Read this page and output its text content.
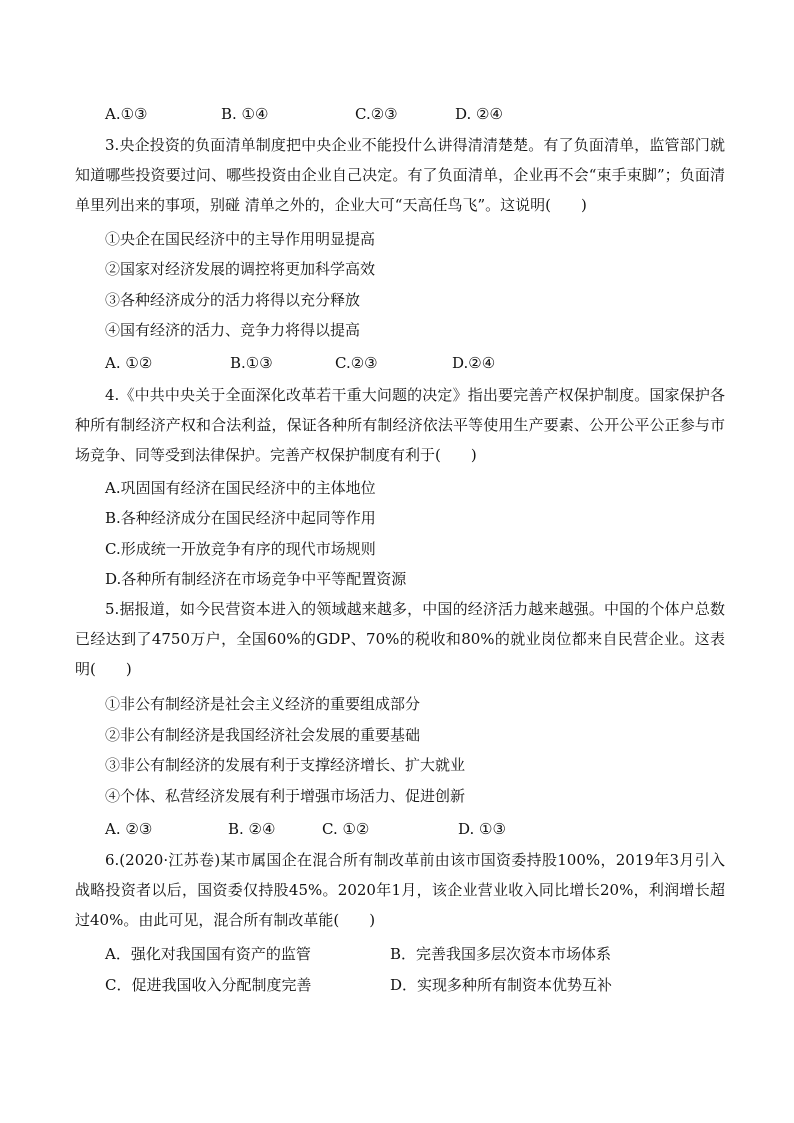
A.①③	B. ①④	C.②③	D. ②④
3.央企投资的负面清单制度把中央企业不能投什么讲得清清楚楚。有了负面清单，监管部门就知道哪些投资要过问、哪些投资由企业自己决定。有了负面清单，企业再不会“束手束脚”；负面清单里列出来的事项，别碰 清单之外的，企业大可“天高任鸟飞”。这说明(　　)
①央企在国民经济中的主导作用明显提高
②国家对经济发展的调控将更加科学高效
③各种经济成分的活力将得以充分释放
④国有经济的活力、竞争力将得以提高
A. ①②	B.①③	C.②③	D.②④
4.《中共中央关于全面深化改革若干重大问题的决定》指出要完善产权保护制度。国家保护各种所有制经济产权和合法利益，保证各种所有制经济依法平等使用生产要素、公开公平公正参与市场竞争、同等受到法律保护。完善产权保护制度有利于(　　)
A.巩固国有经济在国民经济中的主体地位
B.各种经济成分在国民经济中起同等作用
C.形成统一开放竞争有序的现代市场规则
D.各种所有制经济在市场竞争中平等配置资源
5.据报道，如今民营资本进入的领域越来越多，中国的经济活力越来越强。中国的个体户总数已经达到了4750万户，全国60%的GDP、70%的税收和80%的就业岗位都来自民营企业。这表明(　　)
①非公有制经济是社会主义经济的重要组成部分
②非公有制经济是我国经济社会发展的重要基础
③非公有制经济的发展有利于支撑经济增长、扩大就业
④个体、私营经济发展有利于增强市场活力、促进创新
A. ②③	B. ②④	C. ①②	D. ①③
6.(2020·江苏卷)某市属国企在混合所有制改革前由该市国资委持股100%，2019年3月引入战略投资者以后，国资委仅持股45%。2020年1月，该企业营业收入同比增长20%，利润增长超过40%。由此可见，混合所有制改革能(　　)
A．强化对我国国有资产的监管	B．完善我国多层次资本市场体系
C．促进我国收入分配制度完善	D．实现多种所有制资本优势互补
